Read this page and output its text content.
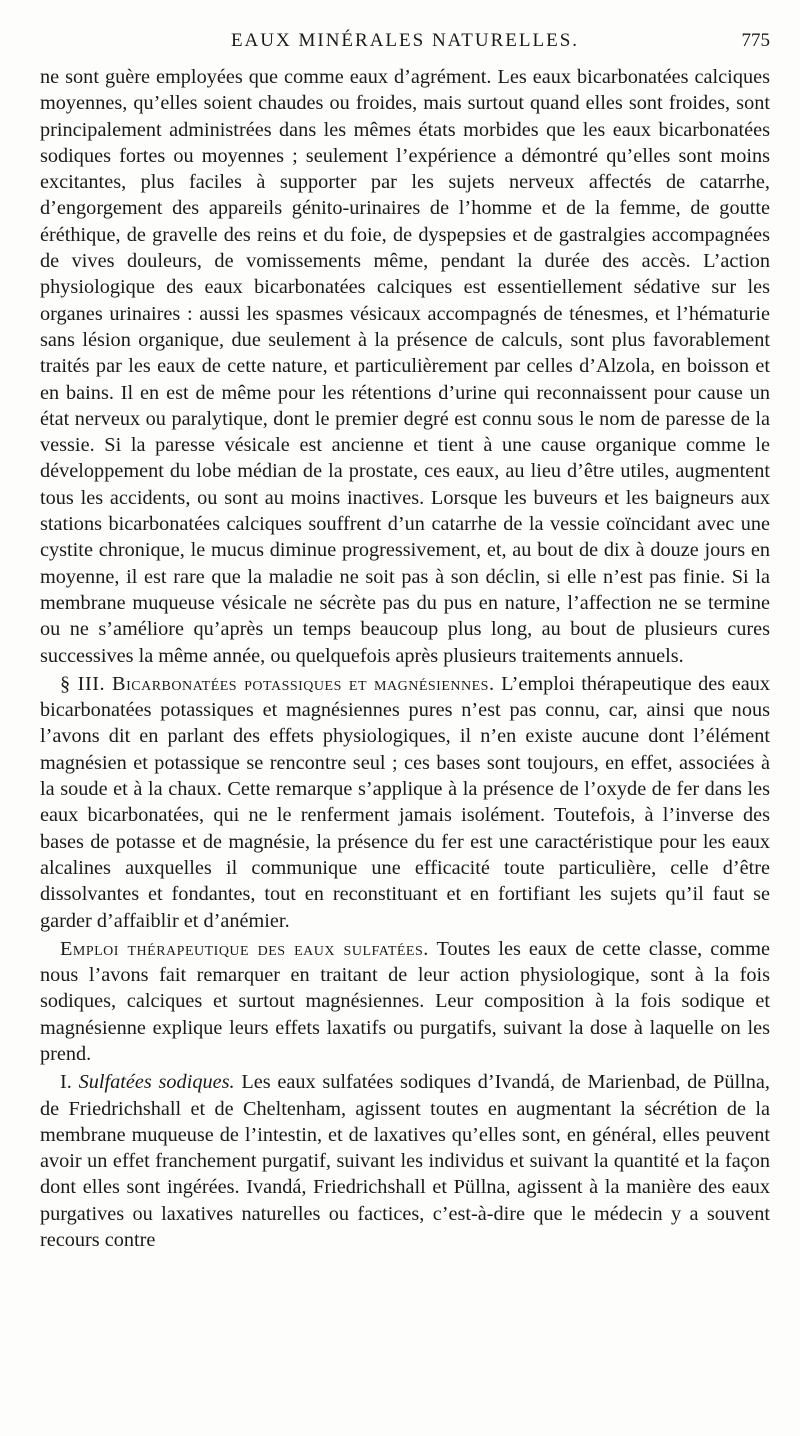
EAUX MINÉRALES NATURELLES.	775

ne sont guère employées que comme eaux d’agrément. Les eaux bicarbonatées calciques moyennes, qu’elles soient chaudes ou froides, mais surtout quand elles sont froides, sont principalement administrées dans les mêmes états morbides que les eaux bicarbonatées sodiques fortes ou moyennes ; seulement l’expérience a démontré qu’elles sont moins excitantes, plus faciles à supporter par les sujets nerveux affectés de catarrhe, d’engorgement des appareils génito-urinaires de l’homme et de la femme, de goutte éréthique, de gravelle des reins et du foie, de dyspepsies et de gastralgies accompagnées de vives douleurs, de vomissements même, pendant la durée des accès. L’action physiologique des eaux bicarbonatées calciques est essentiellement sédative sur les organes urinaires : aussi les spasmes vésicaux accompagnés de ténesmes, et l’hématurie sans lésion organique, due seulement à la présence de calculs, sont plus favorablement traités par les eaux de cette nature, et particulièrement par celles d’Alzola, en boisson et en bains. Il en est de même pour les rétentions d’urine qui reconnaissent pour cause un état nerveux ou paralytique, dont le premier degré est connu sous le nom de paresse de la vessie. Si la paresse vésicale est ancienne et tient à une cause organique comme le développement du lobe médian de la prostate, ces eaux, au lieu d’être utiles, augmentent tous les accidents, ou sont au moins inactives. Lorsque les buveurs et les baigneurs aux stations bicarbonatées calciques souffrent d’un catarrhe de la vessie coïncidant avec une cystite chronique, le mucus diminue progressivement, et, au bout de dix à douze jours en moyenne, il est rare que la maladie ne soit pas à son déclin, si elle n’est pas finie. Si la membrane muqueuse vésicale ne sécrète pas du pus en nature, l’affection ne se termine ou ne s’améliore qu’après un temps beaucoup plus long, au bout de plusieurs cures successives la même année, ou quelquefois après plusieurs traitements annuels.

§ III. Bicarbonatées potassiques et magnésiennes. L’emploi thérapeutique des eaux bicarbonatées potassiques et magnésiennes pures n’est pas connu, car, ainsi que nous l’avons dit en parlant des effets physiologiques, il n’en existe aucune dont l’élément magnésien et potassique se rencontre seul ; ces bases sont toujours, en effet, associées à la soude et à la chaux. Cette remarque s’applique à la présence de l’oxyde de fer dans les eaux bicarbonatées, qui ne le renferment jamais isolément. Toutefois, à l’inverse des bases de potasse et de magnésie, la présence du fer est une caractéristique pour les eaux alcalines auxquelles il communique une efficacité toute particulière, celle d’être dissolvantes et fondantes, tout en reconstituant et en fortifiant les sujets qu’il faut se garder d’affaiblir et d’anémier.

Emploi thérapeutique des eaux sulfatées. Toutes les eaux de cette classe, comme nous l’avons fait remarquer en traitant de leur action physiologique, sont à la fois sodiques, calciques et surtout magnésiennes. Leur composition à la fois sodique et magnésienne explique leurs effets laxatifs ou purgatifs, suivant la dose à laquelle on les prend.

I. Sulfatées sodiques. Les eaux sulfatées sodiques d’Ivandá, de Marienbad, de Püllna, de Friedrichshall et de Cheltenham, agissent toutes en augmentant la sécrétion de la membrane muqueuse de l’intestin, et de laxatives qu’elles sont, en général, elles peuvent avoir un effet franchement purgatif, suivant les individus et suivant la quantité et la façon dont elles sont ingérées. Ivandá, Friedrichshall et Püllna, agissent à la manière des eaux purgatives ou laxatives naturelles ou factices, c’est-à-dire que le médecin y a souvent recours contre
